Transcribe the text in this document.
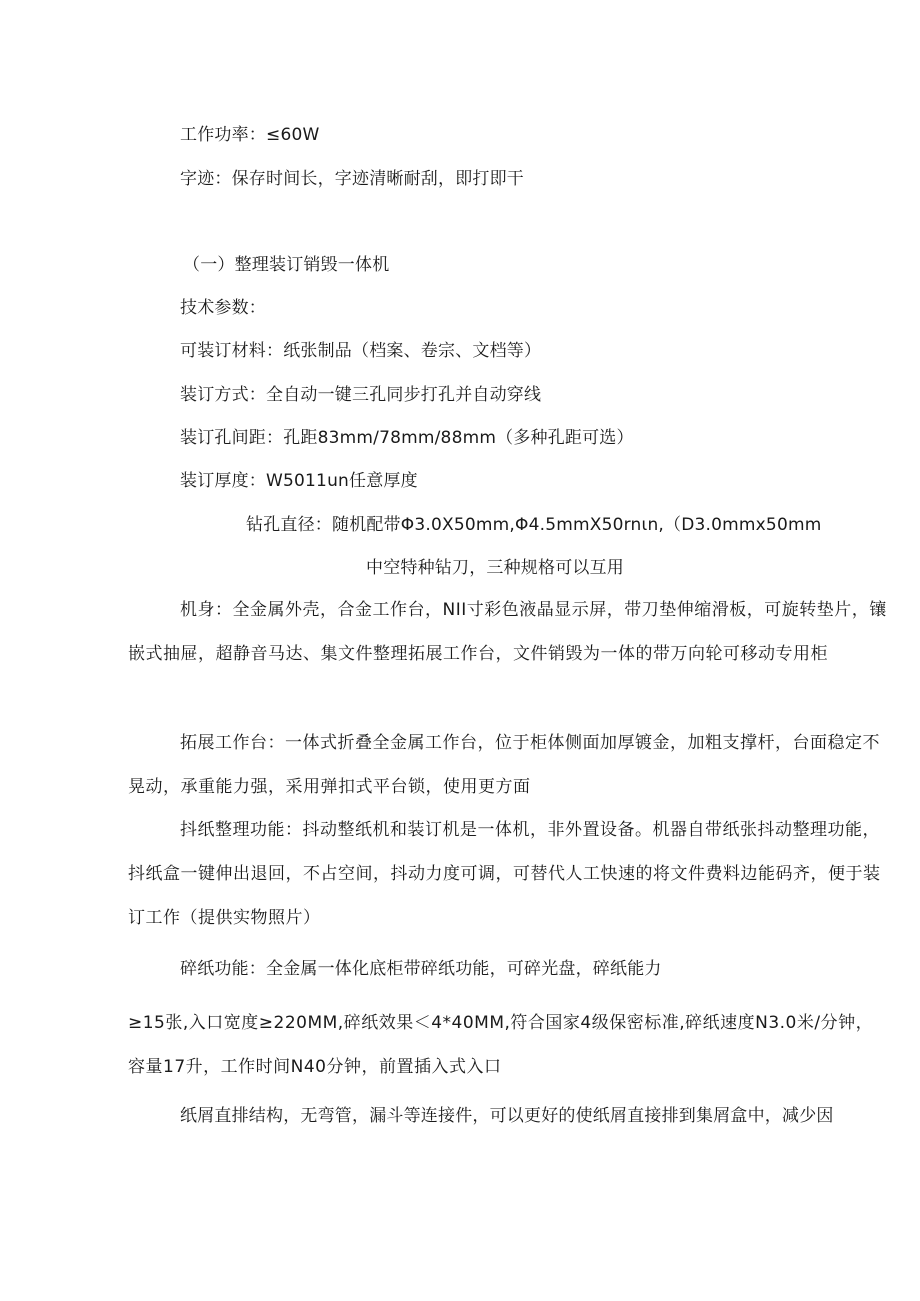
工作功率：≤60W
字迹：保存时间长，字迹清晰耐刮，即打即干
（一）整理装订销毁一体机
技术参数：
可装订材料：纸张制品（档案、卷宗、文档等）
装订方式：全自动一键三孔同步打孔并自动穿线
装订孔间距：孔距83mm∕78mm∕88mm（多种孔距可选）
装订厚度：W5011un任意厚度
钻孔直径：随机配带Φ3.0X50mm,Φ4.5mmX50rnιn,（D3.0mmx50mm
中空特种钻刀，三种规格可以互用
机身：全金属外壳，合金工作台，NII寸彩色液晶显示屏，带刀垫伸缩滑板，可旋转垫片，镶嵌式抽屉，超静音马达、集文件整理拓展工作台，文件销毁为一体的带万向轮可移动专用柜
拓展工作台：一体式折叠全金属工作台，位于柜体侧面加厚镀金，加粗支撑杆，台面稳定不晃动，承重能力强，采用弹扣式平台锁，使用更方面
抖纸整理功能：抖动整纸机和装订机是一体机，非外置设备。机器自带纸张抖动整理功能，抖纸盒一键伸出退回，不占空间，抖动力度可调，可替代人工快速的将文件费料边能码齐，便于装订工作（提供实物照片）
碎纸功能：全金属一体化底柜带碎纸功能，可碎光盘，碎纸能力
≥15张,入口宽度≥220MM,碎纸效果＜4*40MM,符合国家4级保密标准,碎纸速度N3.0米/分钟，容量17升，工作时间N40分钟，前置插入式入口
纸屑直排结构，无弯管，漏斗等连接件，可以更好的使纸屑直接排到集屑盒中，减少因
